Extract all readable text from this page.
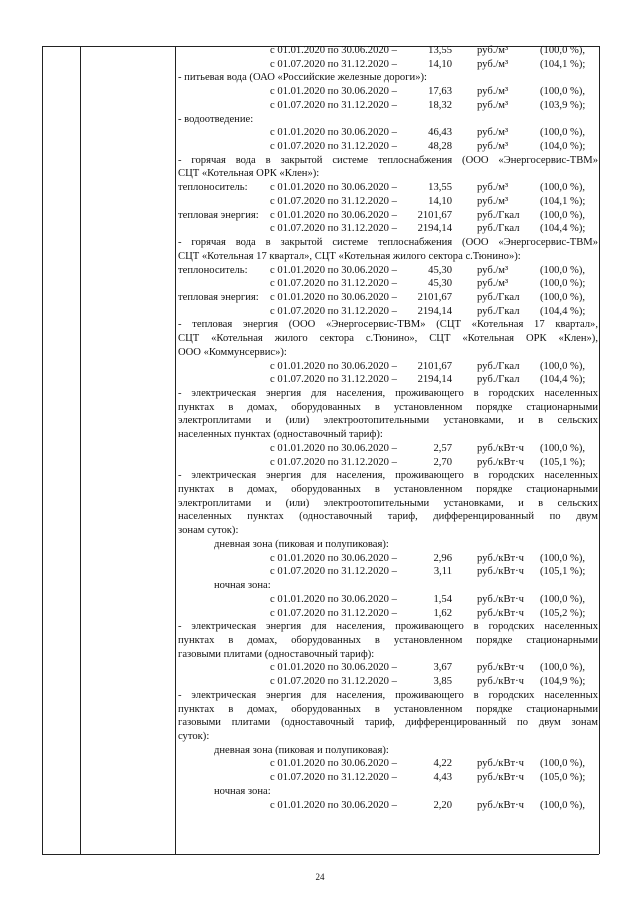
с 01.01.2020 по 30.06.2020 –	13,55 руб./м³	(100,0 %),
с 01.07.2020 по 31.12.2020 –	14,10 руб./м³	(104,1 %);
- питьевая вода (ОАО «Российские железные дороги»):
с 01.01.2020 по 30.06.2020 –	17,63 руб./м³	(100,0 %),
с 01.07.2020 по 31.12.2020 –	18,32 руб./м³	(103,9 %);
- водоотведение:
с 01.01.2020 по 30.06.2020 –	46,43 руб./м³	(100,0 %),
с 01.07.2020 по 31.12.2020 –	48,28 руб./м³	(104,0 %);
- горячая вода в закрытой системе теплоснабжения (ООО «Энергосервис-ТВМ»
СЦТ «Котельная ОРК «Клен»):
теплоноситель: с 01.01.2020 по 30.06.2020 –	13,55 руб./м³	(100,0 %),
с 01.07.2020 по 31.12.2020 –	14,10 руб./м³	(104,1 %);
тепловая энергия: с 01.01.2020 по 30.06.2020 – 2101,67 руб./Гкал (100,0 %),
с 01.07.2020 по 31.12.2020 – 2194,14 руб./Гкал (104,4 %);
- горячая вода в закрытой системе теплоснабжения (ООО «Энергосервис-ТВМ»
СЦТ «Котельная 17 квартал», СЦТ «Котельная жилого сектора с.Тюнино»):
теплоноситель: с 01.01.2020 по 30.06.2020 –	45,30 руб./м³	(100,0 %),
с 01.07.2020 по 31.12.2020 –	45,30 руб./м³	(100,0 %);
тепловая энергия: с 01.01.2020 по 30.06.2020 – 2101,67 руб./Гкал (100,0 %),
с 01.07.2020 по 31.12.2020 – 2194,14 руб./Гкал (104,4 %);
- тепловая энергия (ООО «Энергосервис-ТВМ» (СЦТ «Котельная 17 квартал»,
СЦТ «Котельная жилого сектора с.Тюнино», СЦТ «Котельная ОРК «Клен»),
ООО «Коммунсервис»):
с 01.01.2020 по 30.06.2020 – 2101,67 руб./Гкал (100,0 %),
с 01.07.2020 по 31.12.2020 – 2194,14 руб./Гкал (104,4 %);
- электрическая энергия для населения, проживающего в городских населенных
пунктах в домах, оборудованных в установленном порядке стационарными
электроплитами и (или) электроотопительными установками, и в сельских
населенных пунктах (одноставочный тариф):
с 01.01.2020 по 30.06.2020 –	2,57 руб./кВт·ч (100,0 %),
с 01.07.2020 по 31.12.2020 –	2,70 руб./кВт·ч (105,1 %);
- электрическая энергия для населения, проживающего в городских населенных
пунктах в домах, оборудованных в установленном порядке стационарными
электроплитами и (или) электроотопительными установками, и в сельских
населенных пунктах (одноставочный тариф, дифференцированный по двум
зонам суток):
дневная зона (пиковая и полупиковая):
с 01.01.2020 по 30.06.2020 –	2,96 руб./кВт·ч (100,0 %),
с 01.07.2020 по 31.12.2020 –	3,11 руб./кВт·ч (105,1 %);
ночная зона:
с 01.01.2020 по 30.06.2020 –	1,54 руб./кВт·ч (100,0 %),
с 01.07.2020 по 31.12.2020 –	1,62 руб./кВт·ч (105,2 %);
- электрическая энергия для населения, проживающего в городских населенных
пунктах в домах, оборудованных в установленном порядке стационарными
газовыми плитами (одноставочный тариф):
с 01.01.2020 по 30.06.2020 –	3,67 руб./кВт·ч (100,0 %),
с 01.07.2020 по 31.12.2020 –	3,85 руб./кВт·ч (104,9 %);
- электрическая энергия для населения, проживающего в городских населенных
пунктах в домах, оборудованных в установленном порядке стационарными
газовыми плитами (одноставочный тариф, дифференцированный по двум зонам
суток):
дневная зона (пиковая и полупиковая):
с 01.01.2020 по 30.06.2020 –	4,22 руб./кВт·ч (100,0 %),
с 01.07.2020 по 31.12.2020 –	4,43 руб./кВт·ч (105,0 %);
ночная зона:
с 01.01.2020 по 30.06.2020 –	2,20 руб./кВт·ч (100,0 %),
24
